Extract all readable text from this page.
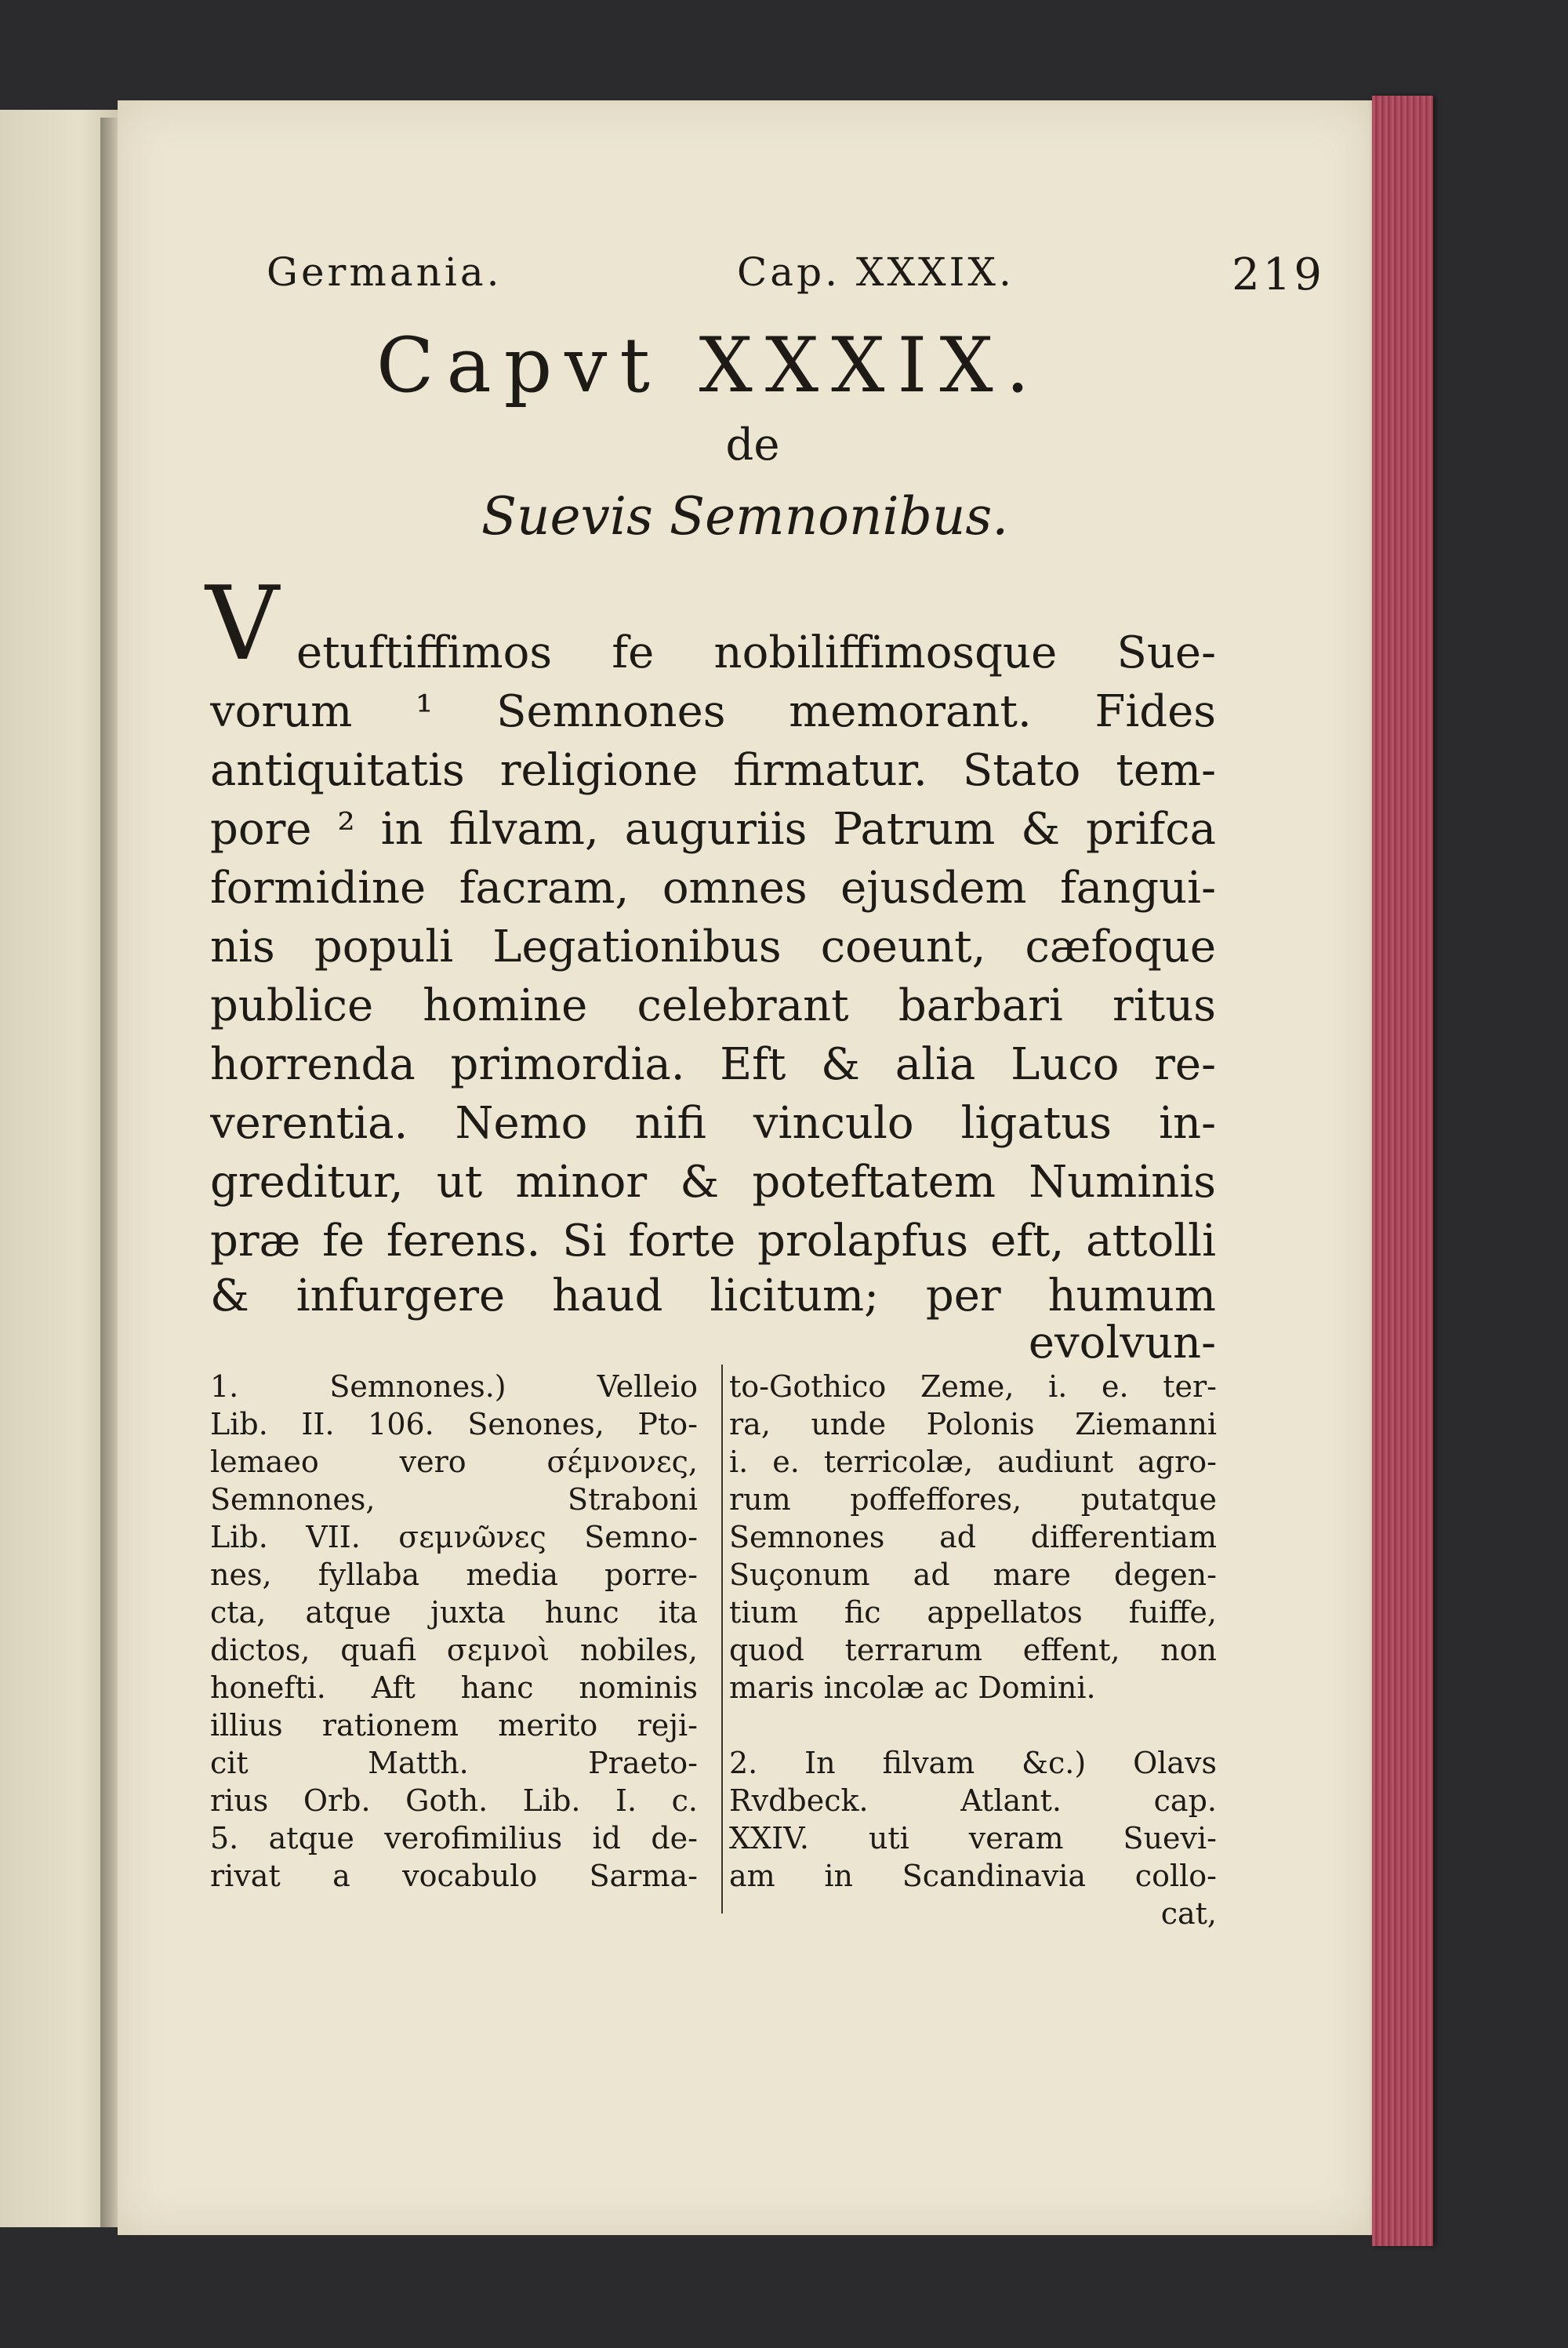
Germania.	Cap. XXXIX.	219
Capvt XXXIX.
de
Suevis Semnonibus.
V etuftiffimos fe nobiliffimosque Sue-
vorum ¹ Semnones memorant. Fides
antiquitatis religione firmatur. Stato tem-
pore ² in filvam, auguriis Patrum & prifca
formidine facram, omnes ejusdem fangui-
nis populi Legationibus coeunt, cæfoque
publice homine celebrant barbari ritus
horrenda primordia. Eft & alia Luco re-
verentia. Nemo nifi vinculo ligatus in-
greditur, ut minor & poteftatem Numinis
præ fe ferens. Si forte prolapfus eft, attolli
& infurgere haud licitum; per humum
evolvun-
1. Semnones.) Velleio
Lib. II. 106. Senones, Pto-
lemaeo vero σέμνονες,
Semnones, Straboni
Lib. VII. σεμνῶνες Semno-
nes, fyllaba media porre-
cta, atque juxta hunc ita
dictos, quafi σεμνοὶ nobiles,
honefti. Aft hanc nominis
illius rationem merito reji-
cit Matth. Praeto-
rius Orb. Goth. Lib. I. c.
5. atque verofimilius id de-
rivat a vocabulo Sarma-
to-Gothico Zeme, i. e. ter-
ra, unde Polonis Ziemanni
i. e. terricolæ, audiunt agro-
rum poffeffores, putatque
Semnones ad differentiam
Suçonum ad mare degen-
tium fic appellatos fuiffe,
quod terrarum effent, non
maris incolæ ac Domini.
2. In filvam &c.) Olavs
Rvdbeck. Atlant. cap.
XXIV. uti veram Suevi-
am in Scandinavia collo-
cat,
